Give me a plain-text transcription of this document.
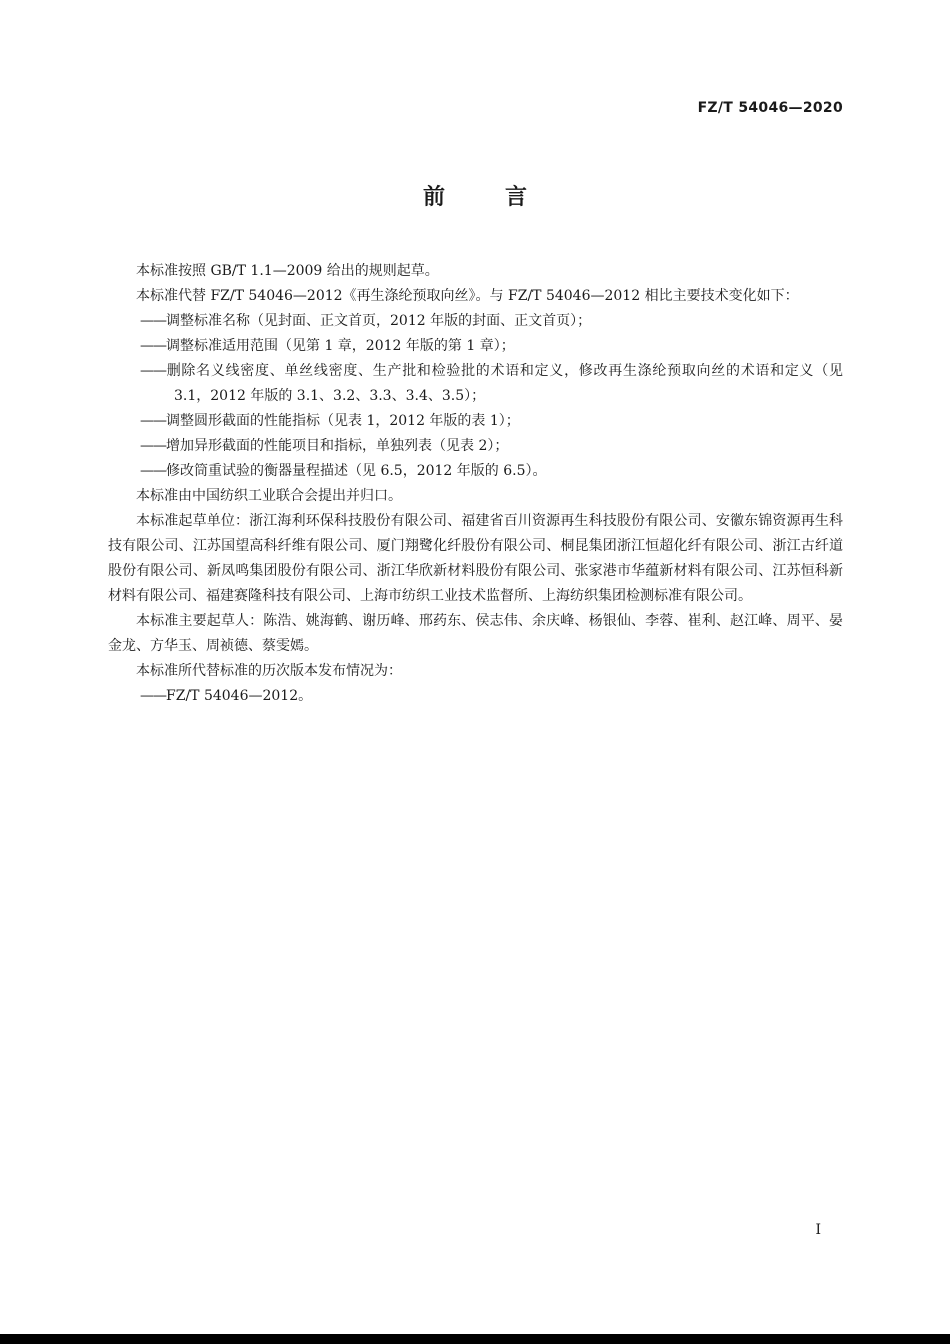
FZ/T 54046—2020
前言

本标准按照 GB/T 1.1—2009 给出的规则起草。

本标准代替 FZ/T 54046—2012《再生涤纶预取向丝》。与 FZ/T 54046—2012 相比主要技术变化如下：

——调整标准名称（见封面、正文首页，2012 年版的封面、正文首页）；

——调整标准适用范围（见第 1 章，2012 年版的第 1 章）；

——删除名义线密度、单丝线密度、生产批和检验批的术语和定义，修改再生涤纶预取向丝的术语和定义（见 3.1，2012 年版的 3.1、3.2、3.3、3.4、3.5）；

——调整圆形截面的性能指标（见表 1，2012 年版的表 1）；

——增加异形截面的性能项目和指标，单独列表（见表 2）；

——修改筒重试验的衡器量程描述（见 6.5，2012 年版的 6.5）。

本标准由中国纺织工业联合会提出并归口。

本标准起草单位：浙江海利环保科技股份有限公司、福建省百川资源再生科技股份有限公司、安徽东锦资源再生科技有限公司、江苏国望高科纤维有限公司、厦门翔鹭化纤股份有限公司、桐昆集团浙江恒超化纤有限公司、浙江古纤道股份有限公司、新凤鸣集团股份有限公司、浙江华欣新材料股份有限公司、张家港市华蕴新材料有限公司、江苏恒科新材料有限公司、福建赛隆科技有限公司、上海市纺织工业技术监督所、上海纺织集团检测标准有限公司。

本标准主要起草人：陈浩、姚海鹤、谢历峰、邢药东、侯志伟、余庆峰、杨银仙、李蓉、崔利、赵江峰、周平、晏金龙、方华玉、周祯德、蔡雯嫣。

本标准所代替标准的历次版本发布情况为：

——FZ/T 54046—2012。

I
